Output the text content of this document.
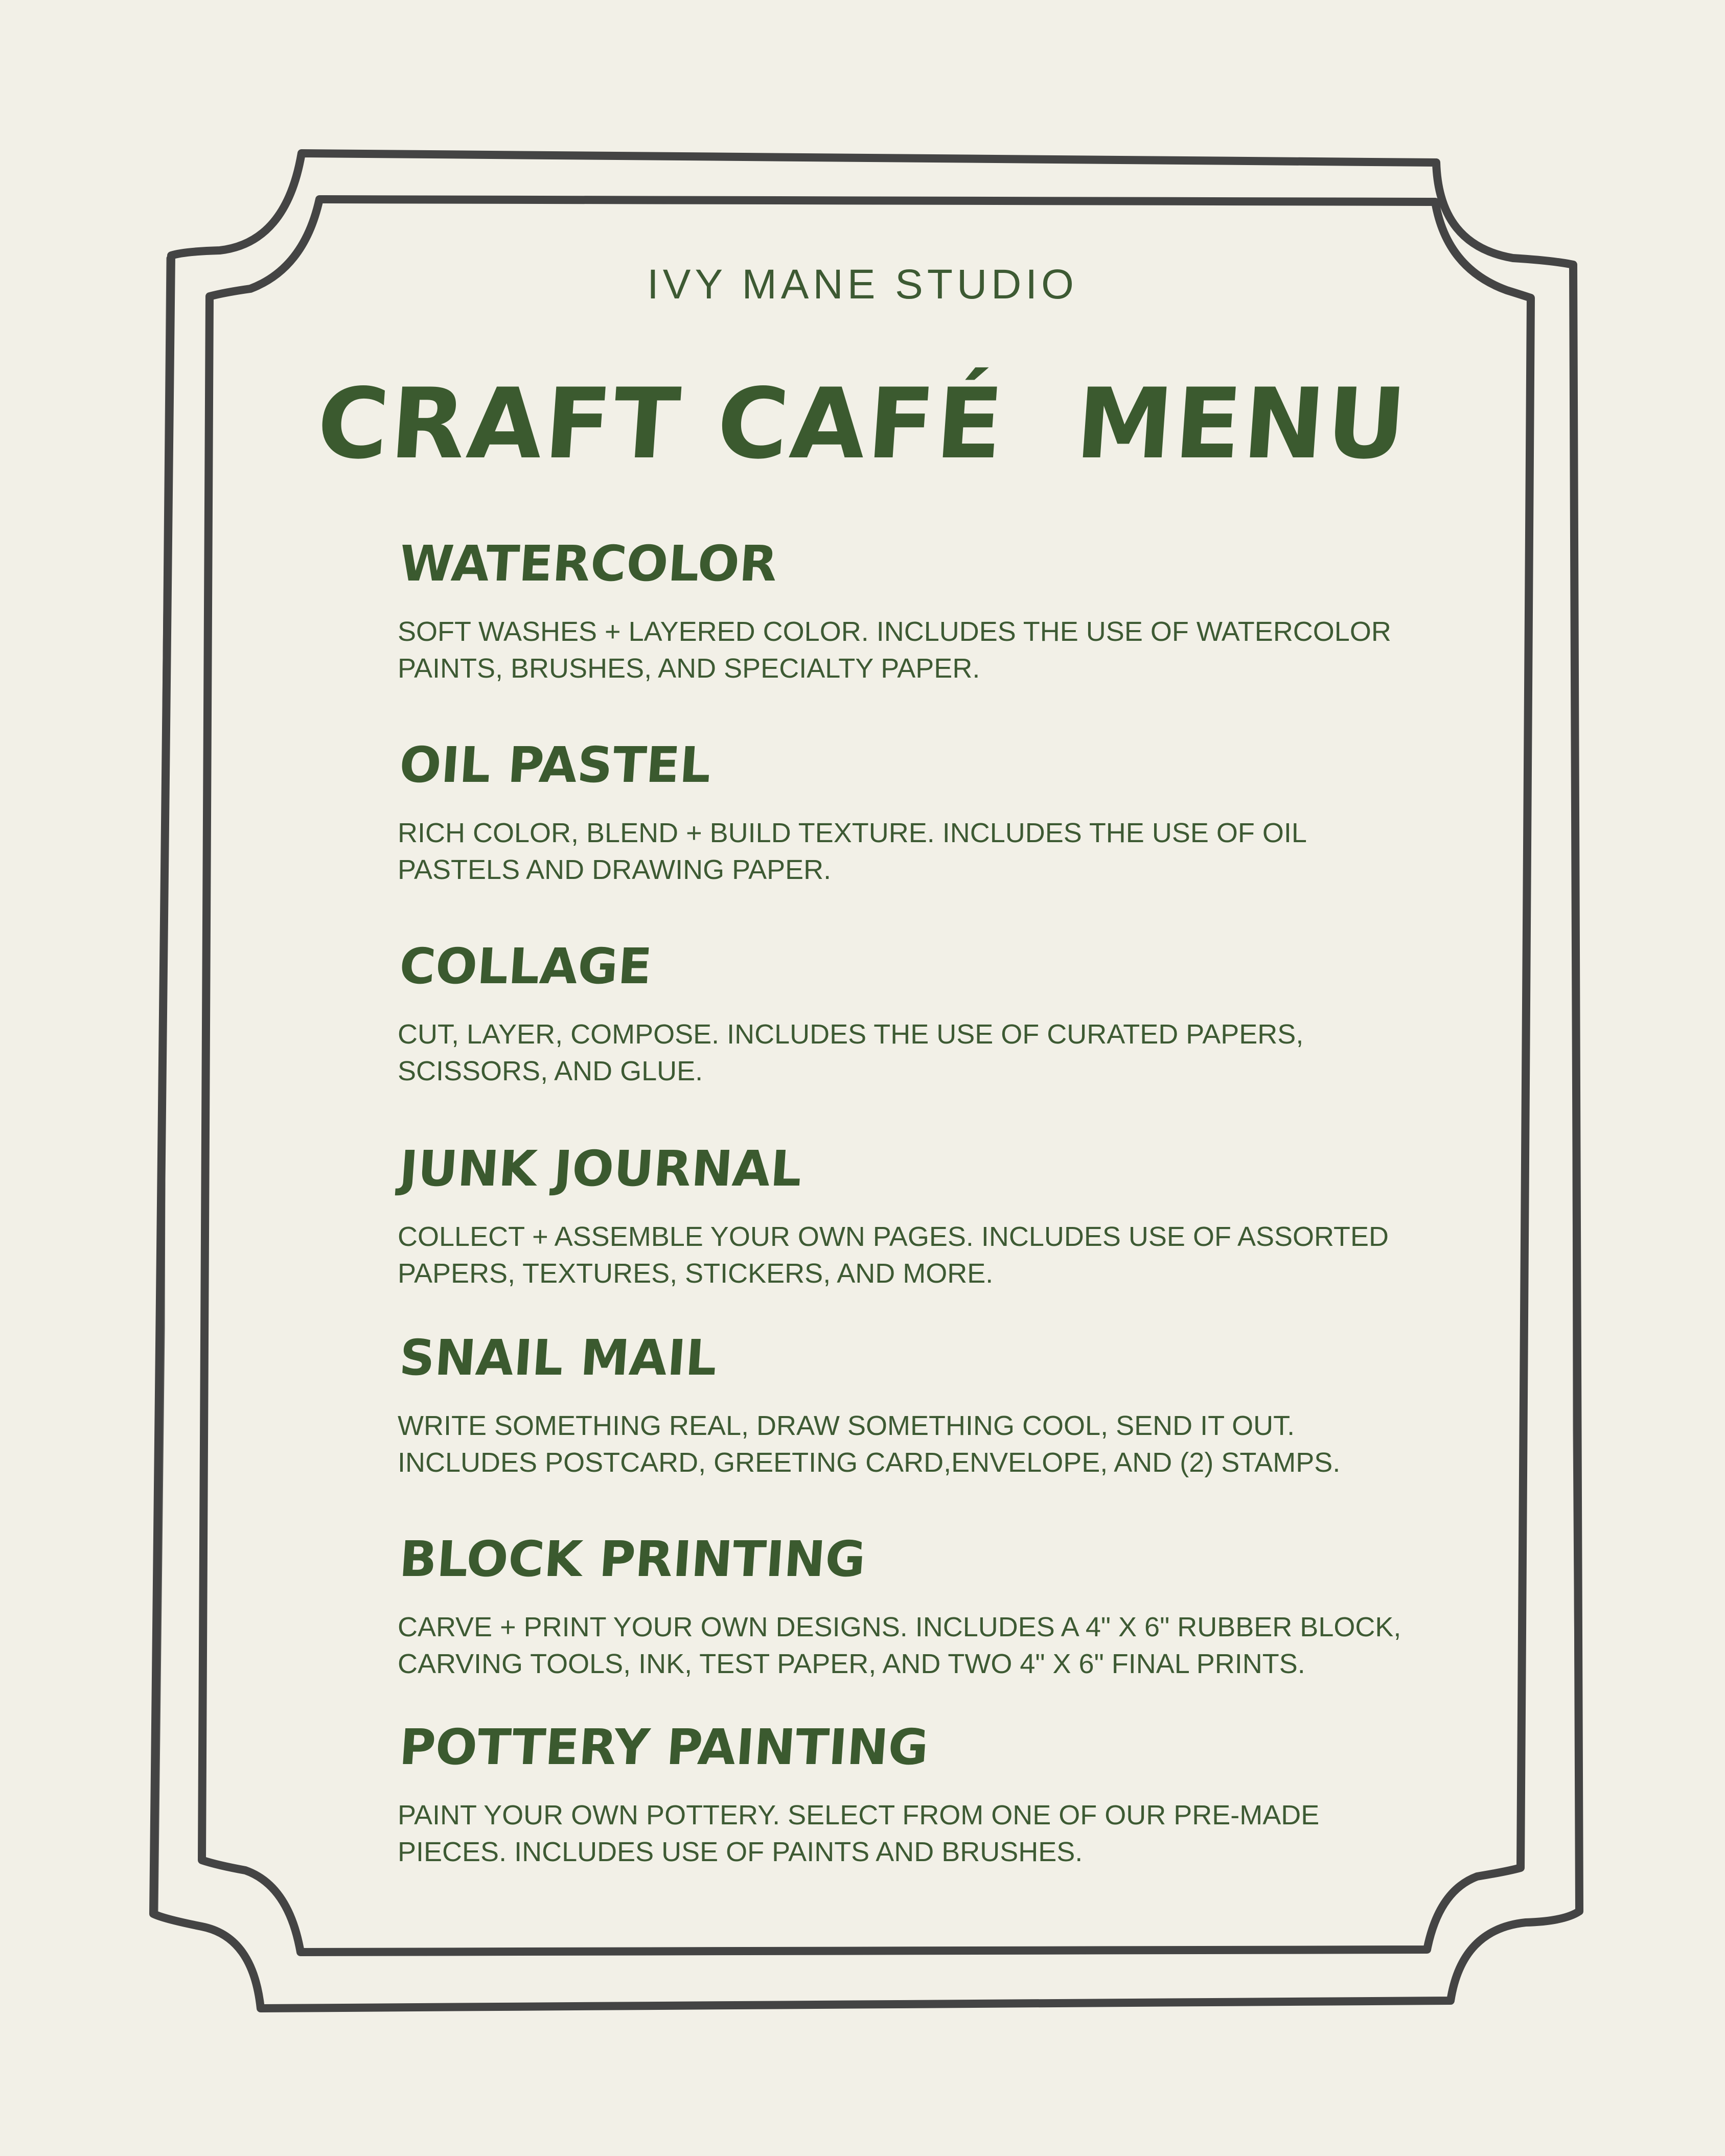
IVY MANE STUDIO
CRAFT CAFÉ  MENU
WATERCOLOR

SOFT WASHES + LAYERED COLOR. INCLUDES THE USE OF WATERCOLOR PAINTS, BRUSHES, AND SPECIALTY PAPER.

OIL PASTEL

RICH COLOR, BLEND + BUILD TEXTURE. INCLUDES THE USE OF OIL PASTELS AND DRAWING PAPER.

COLLAGE

CUT, LAYER, COMPOSE. INCLUDES THE USE OF CURATED PAPERS, SCISSORS, AND GLUE.

JUNK JOURNAL

COLLECT + ASSEMBLE YOUR OWN PAGES. INCLUDES USE OF ASSORTED PAPERS, TEXTURES, STICKERS, AND MORE.

SNAIL MAIL

WRITE SOMETHING REAL, DRAW SOMETHING COOL, SEND IT OUT. INCLUDES POSTCARD, GREETING CARD,ENVELOPE, AND (2) STAMPS.

BLOCK PRINTING

CARVE + PRINT YOUR OWN DESIGNS. INCLUDES A 4" X 6" RUBBER BLOCK, CARVING TOOLS, INK, TEST PAPER, AND TWO 4" X 6" FINAL PRINTS.

POTTERY PAINTING

PAINT YOUR OWN POTTERY. SELECT FROM ONE OF OUR PRE-MADE PIECES. INCLUDES USE OF PAINTS AND BRUSHES.
